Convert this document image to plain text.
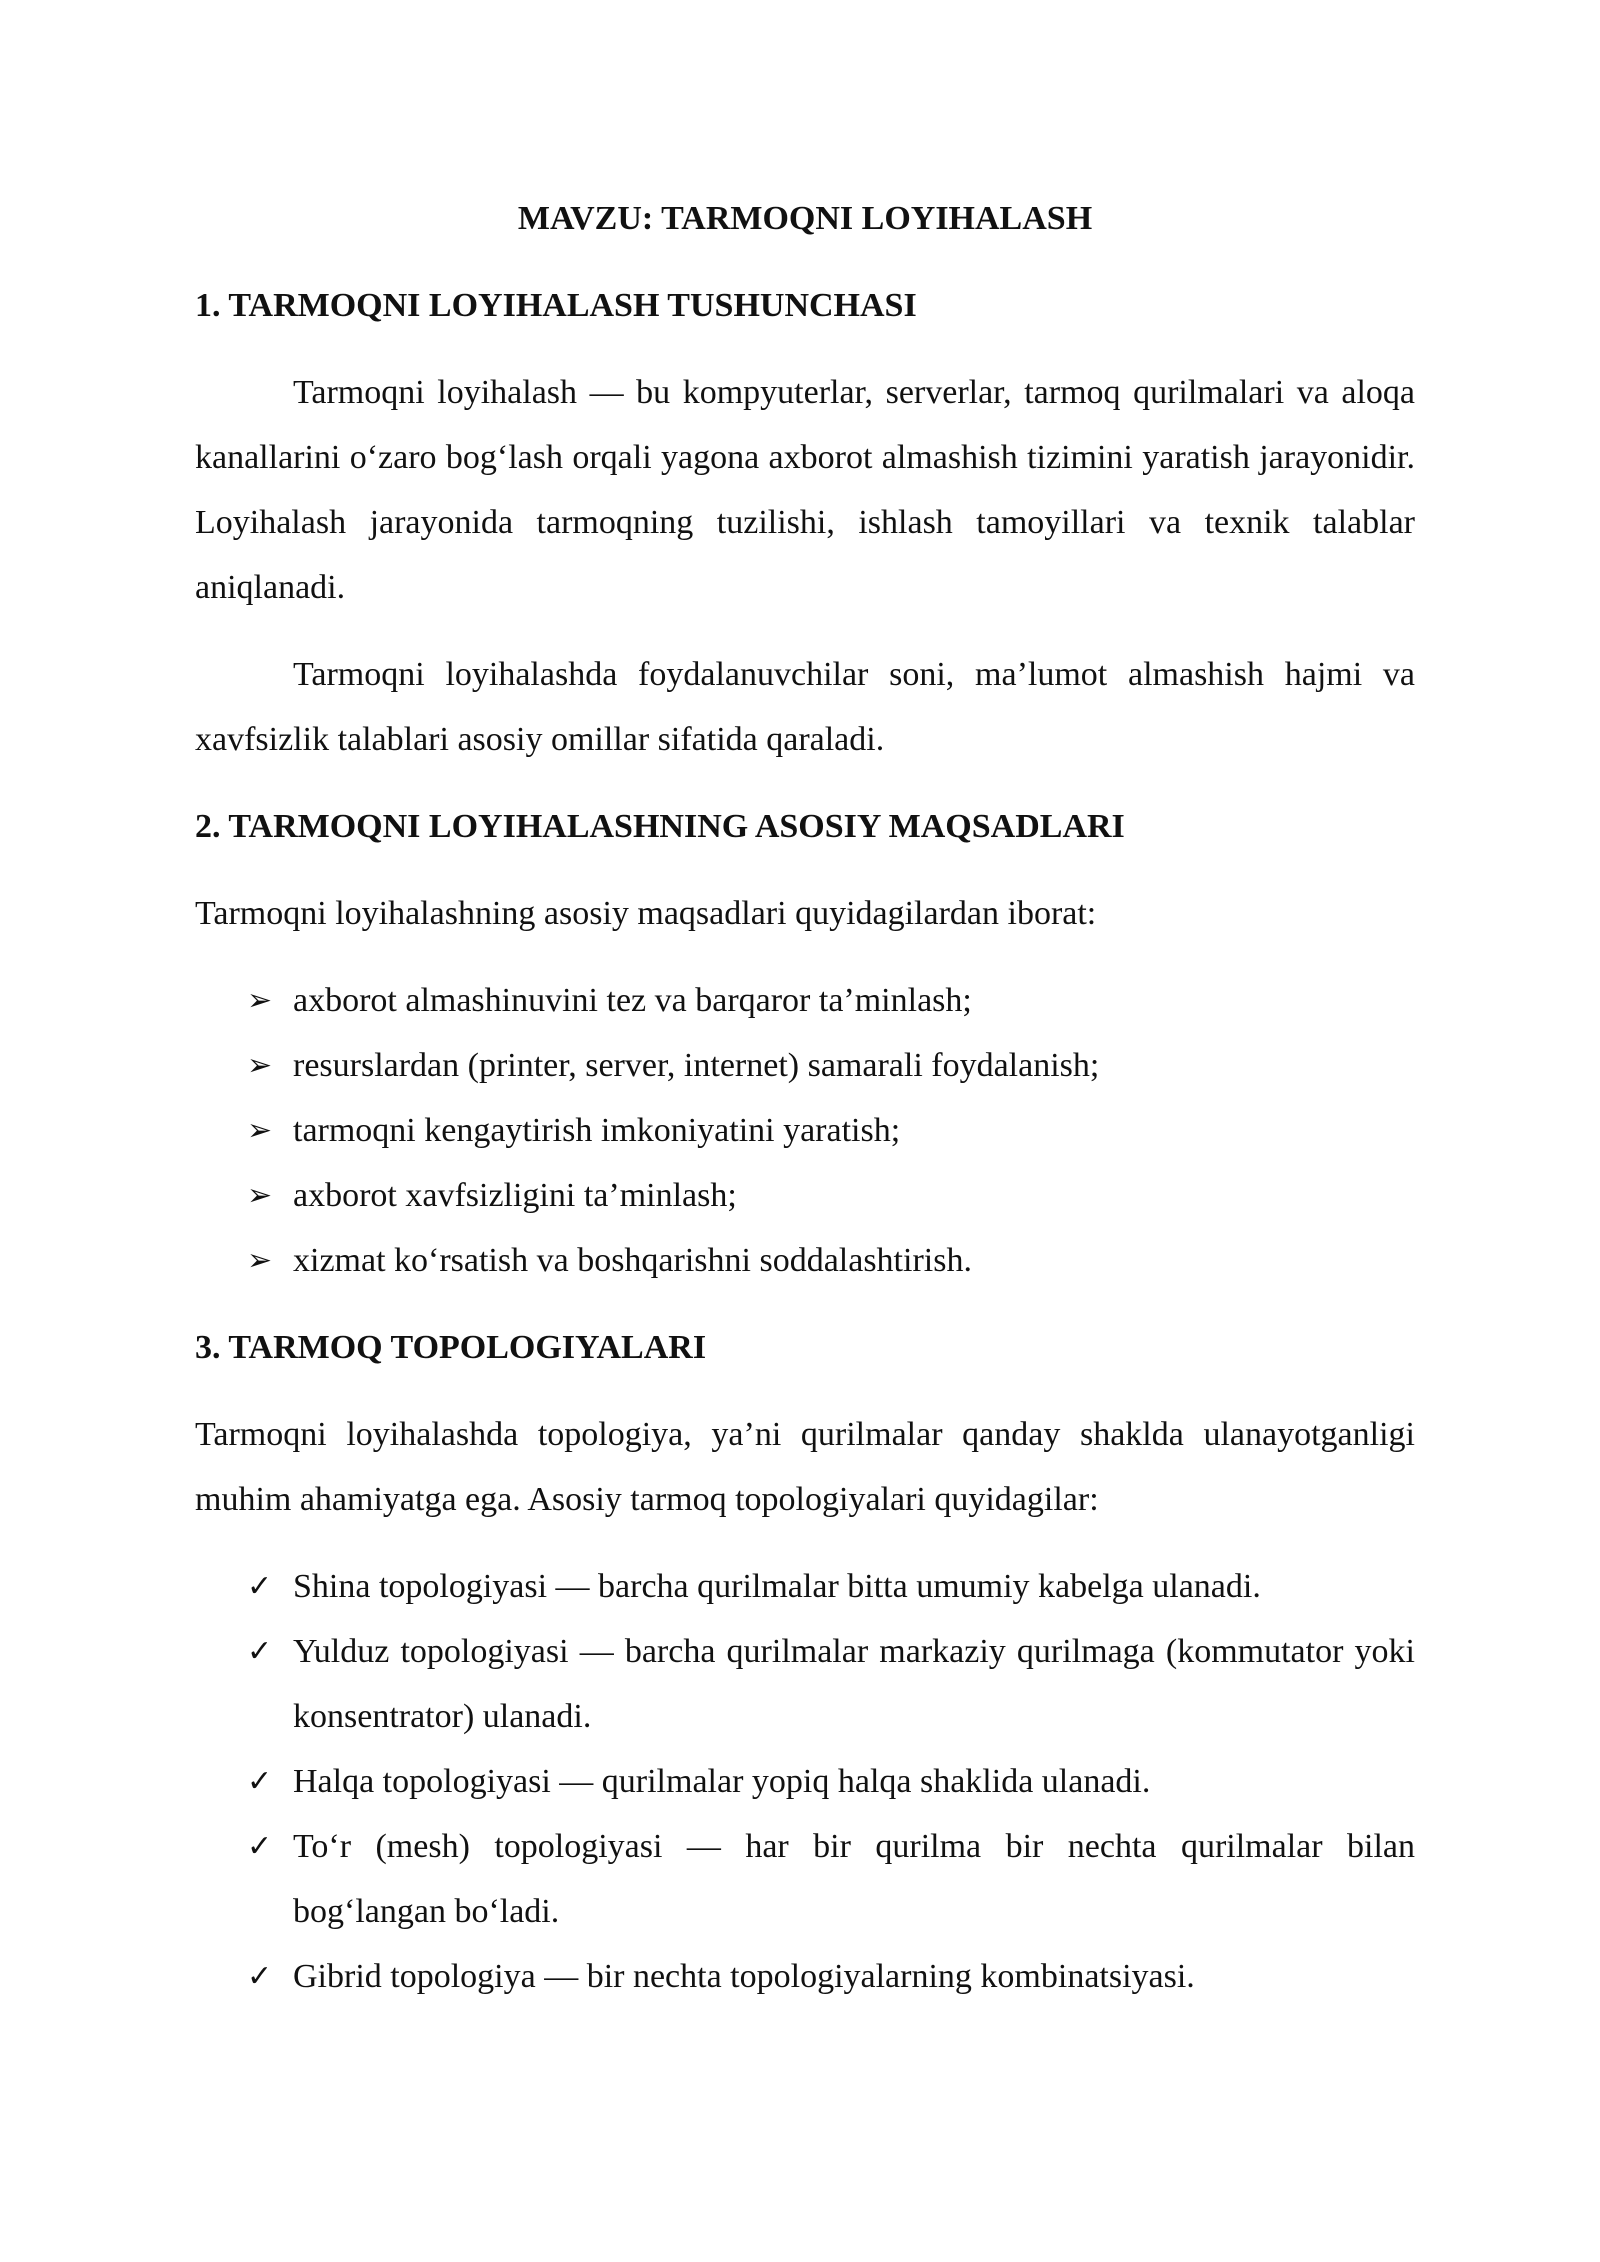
MAVZU: TARMOQNI LOYIHALASH
1. TARMOQNI LOYIHALASH TUSHUNCHASI
Tarmoqni loyihalash — bu kompyuterlar, serverlar, tarmoq qurilmalari va aloqa kanallarini o‘zaro bog‘lash orqali yagona axborot almashish tizimini yaratish jarayonidir. Loyihalash jarayonida tarmoqning tuzilishi, ishlash tamoyillari va texnik talablar aniqlanadi.
Tarmoqni loyihalashda foydalanuvchilar soni, ma’lumot almashish hajmi va xavfsizlik talablari asosiy omillar sifatida qaraladi.
2. TARMOQNI LOYIHALASHNING ASOSIY MAQSADLARI
Tarmoqni loyihalashning asosiy maqsadlari quyidagilardan iborat:
➢ axborot almashinuvini tez va barqaror ta’minlash;
➢ resurslardan (printer, server, internet) samarali foydalanish;
➢ tarmoqni kengaytirish imkoniyatini yaratish;
➢ axborot xavfsizligini ta’minlash;
➢ xizmat ko‘rsatish va boshqarishni soddalashtirish.
3. TARMOQ TOPOLOGIYALARI
Tarmoqni loyihalashda topologiya, ya’ni qurilmalar qanday shaklda ulanayotganligi muhim ahamiyatga ega. Asosiy tarmoq topologiyalari quyidagilar:
✓ Shina topologiyasi — barcha qurilmalar bitta umumiy kabelga ulanadi.
✓ Yulduz topologiyasi — barcha qurilmalar markaziy qurilmaga (kommutator yoki konsentrator) ulanadi.
✓ Halqa topologiyasi — qurilmalar yopiq halqa shaklida ulanadi.
✓ To‘r (mesh) topologiyasi — har bir qurilma bir nechta qurilmalar bilan bog‘langan bo‘ladi.
✓ Gibrid topologiya — bir nechta topologiyalarning kombinatsiyasi.
